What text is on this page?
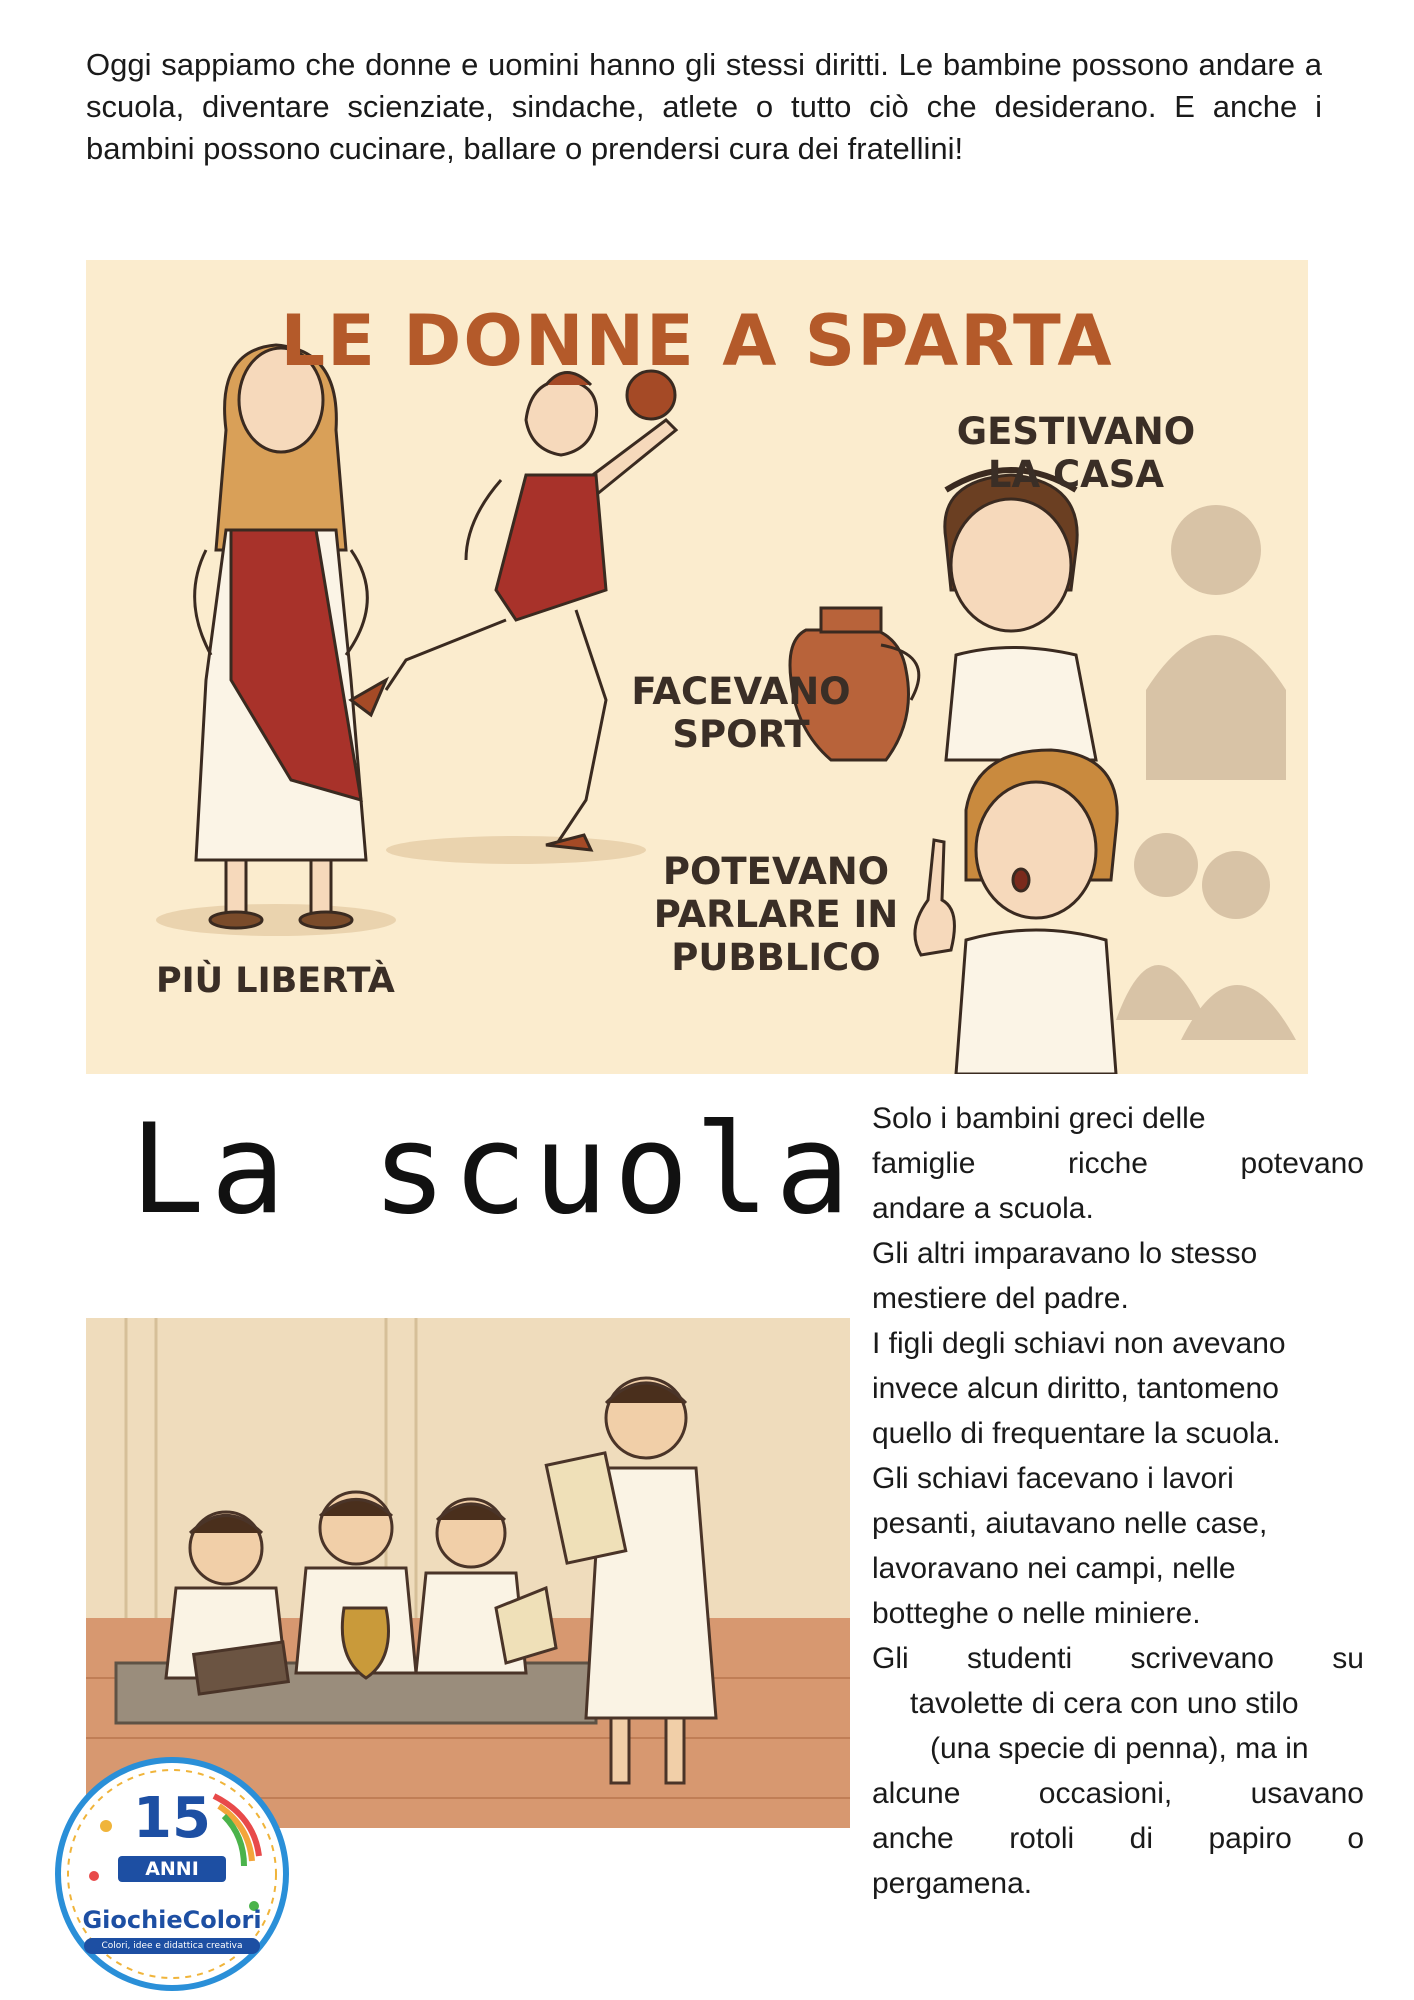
Oggi sappiamo che donne e uomini hanno gli stessi diritti. Le bambine possono andare a scuola, diventare scienziate, sindache, atlete o tutto ciò che desiderano. E anche i bambini possono cucinare, ballare o prendersi cura dei fratellini!
LE DONNE A SPARTA
GESTIVANO LA CASA
FACEVANO SPORT
POTEVANO PARLARE IN PUBBLICO
PIÙ LIBERTÀ
La scuola Solo i bambini greci delle
famiglie ricche potevano
andare a scuola.

Gli altri imparavano lo stesso
mestiere del padre.

I figli degli schiavi non avevano
invece alcun diritto, tantomeno
quello di frequentare la scuola.

Gli schiavi facevano i lavori
pesanti, aiutavano nelle case,
lavoravano nei campi, nelle
botteghe o nelle miniere.

Gli studenti scrivevano su
tavolette di cera con uno stilo
(una specie di penna), ma in
alcune occasioni, usavano
anche rotoli di papiro o
pergamena.

15
ANNI
GiochieColori
Colori, idee e didattica creativa
